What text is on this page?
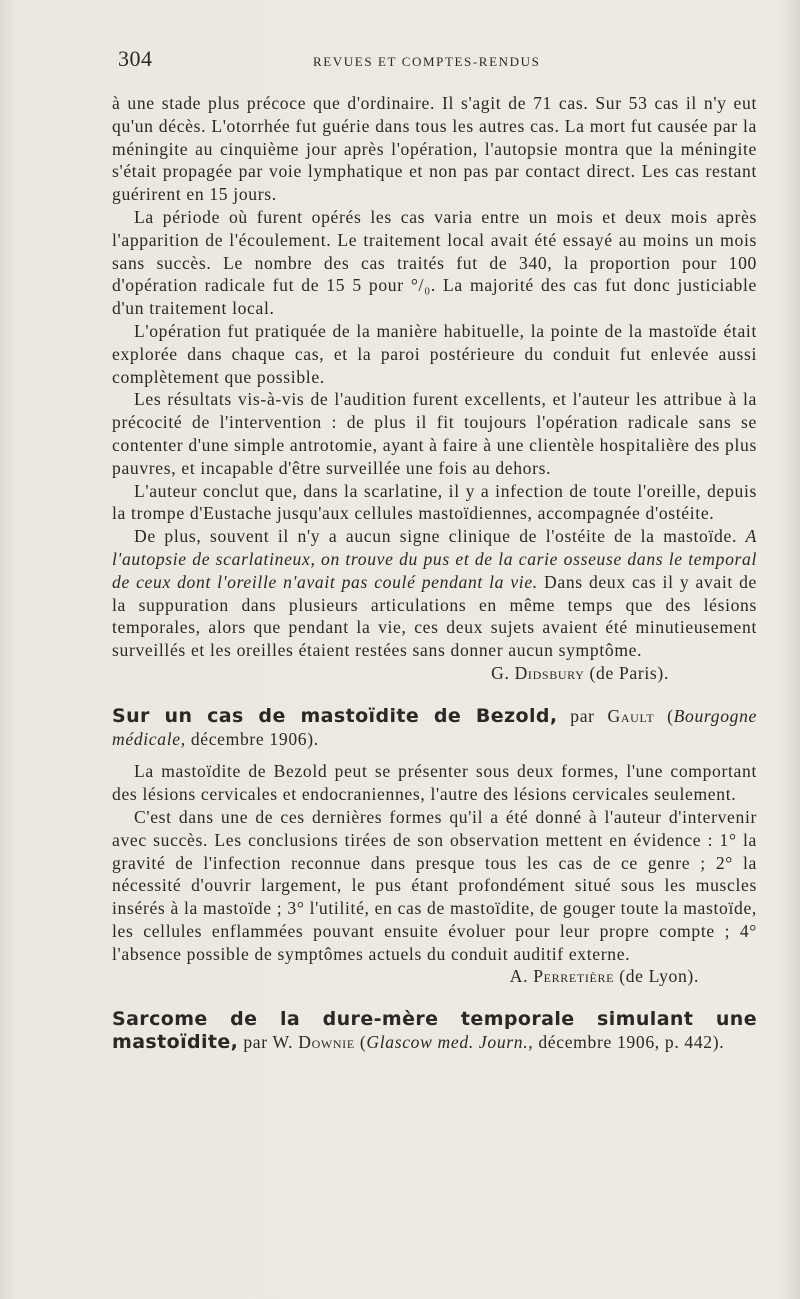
304	REVUES ET COMPTES-RENDUS

à une stade plus précoce que d'ordinaire. Il s'agit de 71 cas. Sur 53 cas il n'y eut qu'un décès. L'otorrhée fut guérie dans tous les autres cas. La mort fut causée par la méningite au cinquième jour après l'opération, l'autopsie montra que la méningite s'était propagée par voie lymphatique et non pas par contact direct. Les cas restant guérirent en 15 jours.

La période où furent opérés les cas varia entre un mois et deux mois après l'apparition de l'écoulement. Le traitement local avait été essayé au moins un mois sans succès. Le nombre des cas traités fut de 340, la proportion pour 100 d'opération radicale fut de 15 5 pour °/₀. La majorité des cas fut donc justiciable d'un traitement local.

L'opération fut pratiquée de la manière habituelle, la pointe de la mastoïde était explorée dans chaque cas, et la paroi postérieure du conduit fut enlevée aussi complètement que possible.

Les résultats vis-à-vis de l'audition furent excellents, et l'auteur les attribue à la précocité de l'intervention : de plus il fit toujours l'opération radicale sans se contenter d'une simple antrotomie, ayant à faire à une clientèle hospitalière des plus pauvres, et incapable d'être surveillée une fois au dehors.

L'auteur conclut que, dans la scarlatine, il y a infection de toute l'oreille, depuis la trompe d'Eustache jusqu'aux cellules mastoïdiennes, accompagnée d'ostéite.

De plus, souvent il n'y a aucun signe clinique de l'ostéite de la mastoïde. A l'autopsie de scarlatineux, on trouve du pus et de la carie osseuse dans le temporal de ceux dont l'oreille n'avait pas coulé pendant la vie. Dans deux cas il y avait de la suppuration dans plusieurs articulations en même temps que des lésions temporales, alors que pendant la vie, ces deux sujets avaient été minutieusement surveillés et les oreilles étaient restées sans donner aucun symptôme.

G. Didsbury (de Paris).

Sur un cas de mastoïdite de Bezold, par Gault (Bourgogne médicale, décembre 1906).

La mastoïdite de Bezold peut se présenter sous deux formes, l'une comportant des lésions cervicales et endocraniennes, l'autre des lésions cervicales seulement.

C'est dans une de ces dernières formes qu'il a été donné à l'auteur d'intervenir avec succès. Les conclusions tirées de son observation mettent en évidence : 1° la gravité de l'infection reconnue dans presque tous les cas de ce genre ; 2° la nécessité d'ouvrir largement, le pus étant profondément situé sous les muscles insérés à la mastoïde ; 3° l'utilité, en cas de mastoïdite, de gouger toute la mastoïde, les cellules enflammées pouvant ensuite évoluer pour leur propre compte ; 4° l'absence possible de symptômes actuels du conduit auditif externe.

A. Perretière (de Lyon).

Sarcome de la dure-mère temporale simulant une mastoïdite, par W. Downie (Glascow med. Journ., décembre 1906, p. 442).
